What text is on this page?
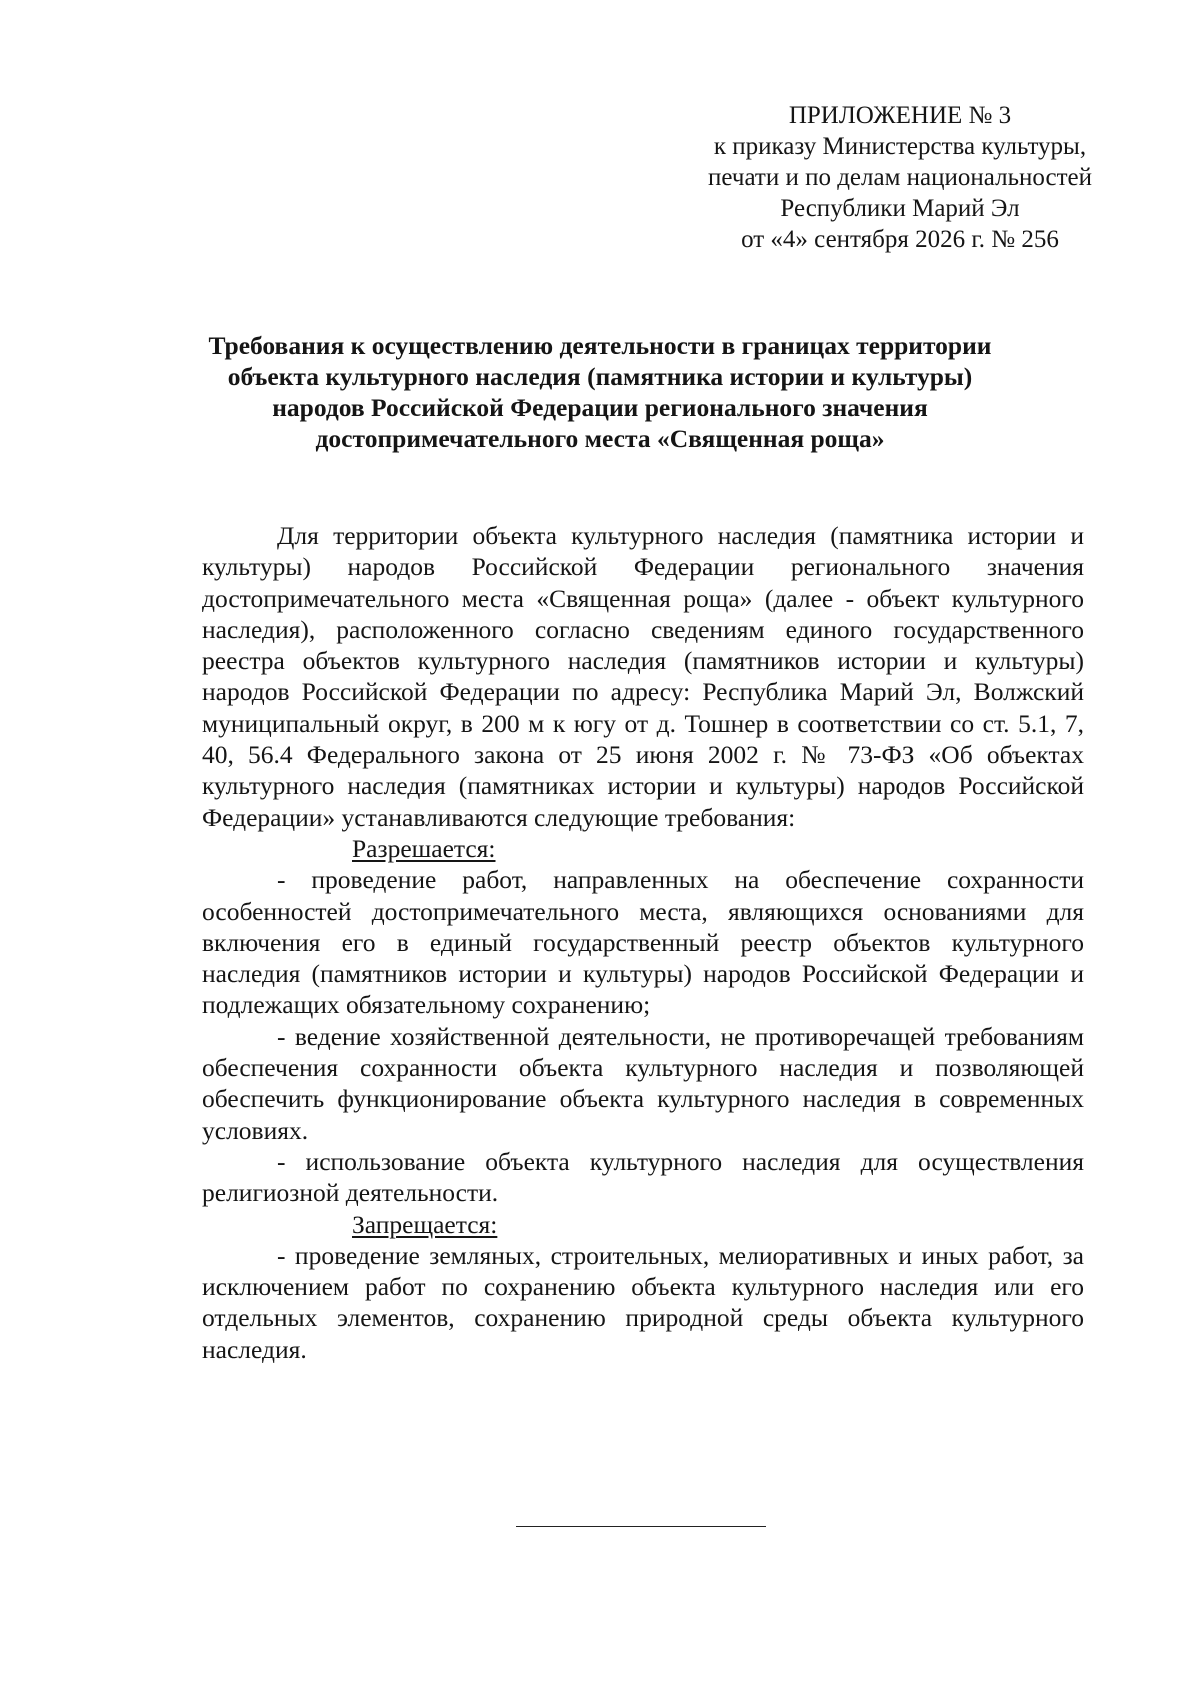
ПРИЛОЖЕНИЕ № 3
к приказу Министерства культуры,
печати и по делам национальностей
Республики Марий Эл
от «4» сентября 2026 г. № 256
Требования к осуществлению деятельности в границах территории
объекта культурного наследия (памятника истории и культуры)
народов Российской Федерации регионального значения
достопримечательного места «Священная роща»

Для территории объекта культурного наследия (памятника истории и культуры) народов Российской Федерации регионального значения достопримечательного места «Священная роща» (далее - объект культурного наследия), расположенного согласно сведениям единого государственного реестра объектов культурного наследия (памятников истории и культуры) народов Российской Федерации по адресу: Республика Марий Эл, Волжский муниципальный округ, в 200 м к югу от д. Тошнер в соответствии со ст. 5.1, 7, 40, 56.4 Федерального закона от 25 июня 2002 г. № 73-ФЗ «Об объектах культурного наследия (памятниках истории и культуры) народов Российской Федерации» устанавливаются следующие требования:

Разрешается:

- проведение работ, направленных на обеспечение сохранности особенностей достопримечательного места, являющихся основаниями для включения его в единый государственный реестр объектов культурного наследия (памятников истории и культуры) народов Российской Федерации и подлежащих обязательному сохранению;

- ведение хозяйственной деятельности, не противоречащей требованиям обеспечения сохранности объекта культурного наследия и позволяющей обеспечить функционирование объекта культурного наследия в современных условиях.

- использование объекта культурного наследия для осуществления религиозной деятельности.

Запрещается:

- проведение земляных, строительных, мелиоративных и иных работ, за исключением работ по сохранению объекта культурного наследия или его отдельных элементов, сохранению природной среды объекта культурного наследия.
